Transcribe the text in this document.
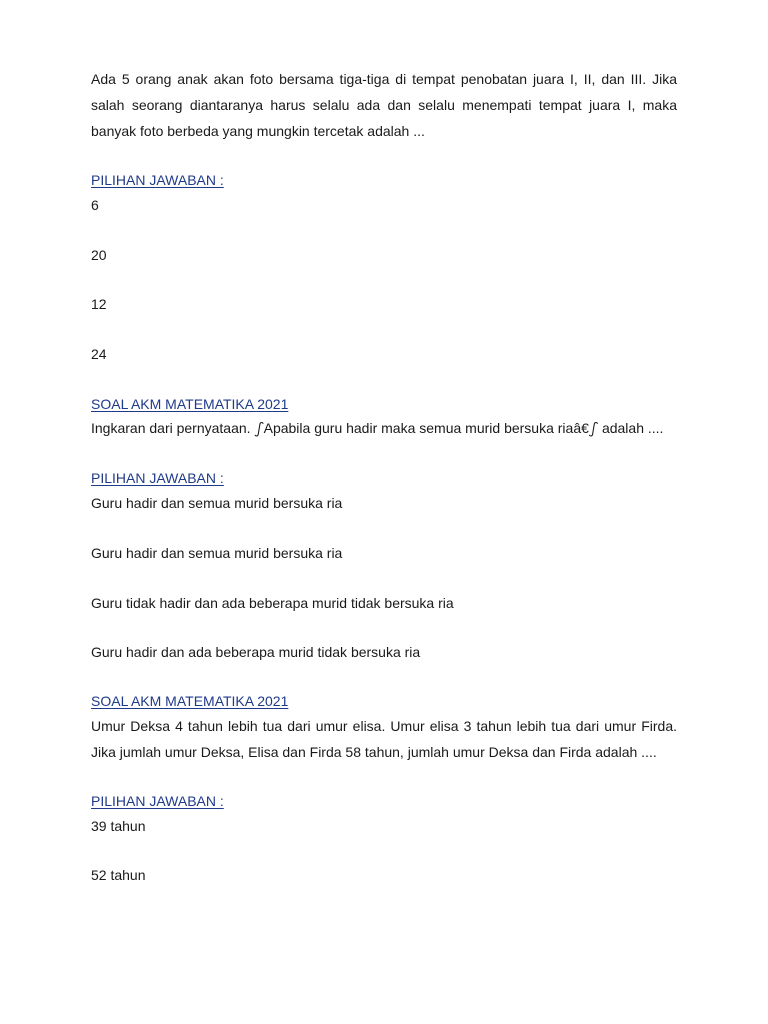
Ada 5 orang anak akan foto bersama tiga-tiga di tempat penobatan juara I, II, dan III. Jika salah seorang diantaranya harus selalu ada dan selalu menempati tempat juara I, maka banyak foto berbeda yang mungkin tercetak adalah ...

PILIHAN JAWABAN :

6

20

12

24

SOAL AKM MATEMATIKA 2021

Ingkaran dari pernyataan. ഽApabila guru hadir maka semua murid bersuka riaâ€ഽ adalah ....

PILIHAN JAWABAN :

Guru hadir dan semua murid bersuka ria

Guru hadir dan semua murid bersuka ria

Guru tidak hadir dan ada beberapa murid tidak bersuka ria

Guru hadir dan ada beberapa murid tidak bersuka ria

SOAL AKM MATEMATIKA 2021

Umur Deksa 4 tahun lebih tua dari umur elisa. Umur elisa 3 tahun lebih tua dari umur Firda. Jika jumlah umur Deksa, Elisa dan Firda 58 tahun, jumlah umur Deksa dan Firda adalah ....

PILIHAN JAWABAN :

39 tahun

52 tahun
